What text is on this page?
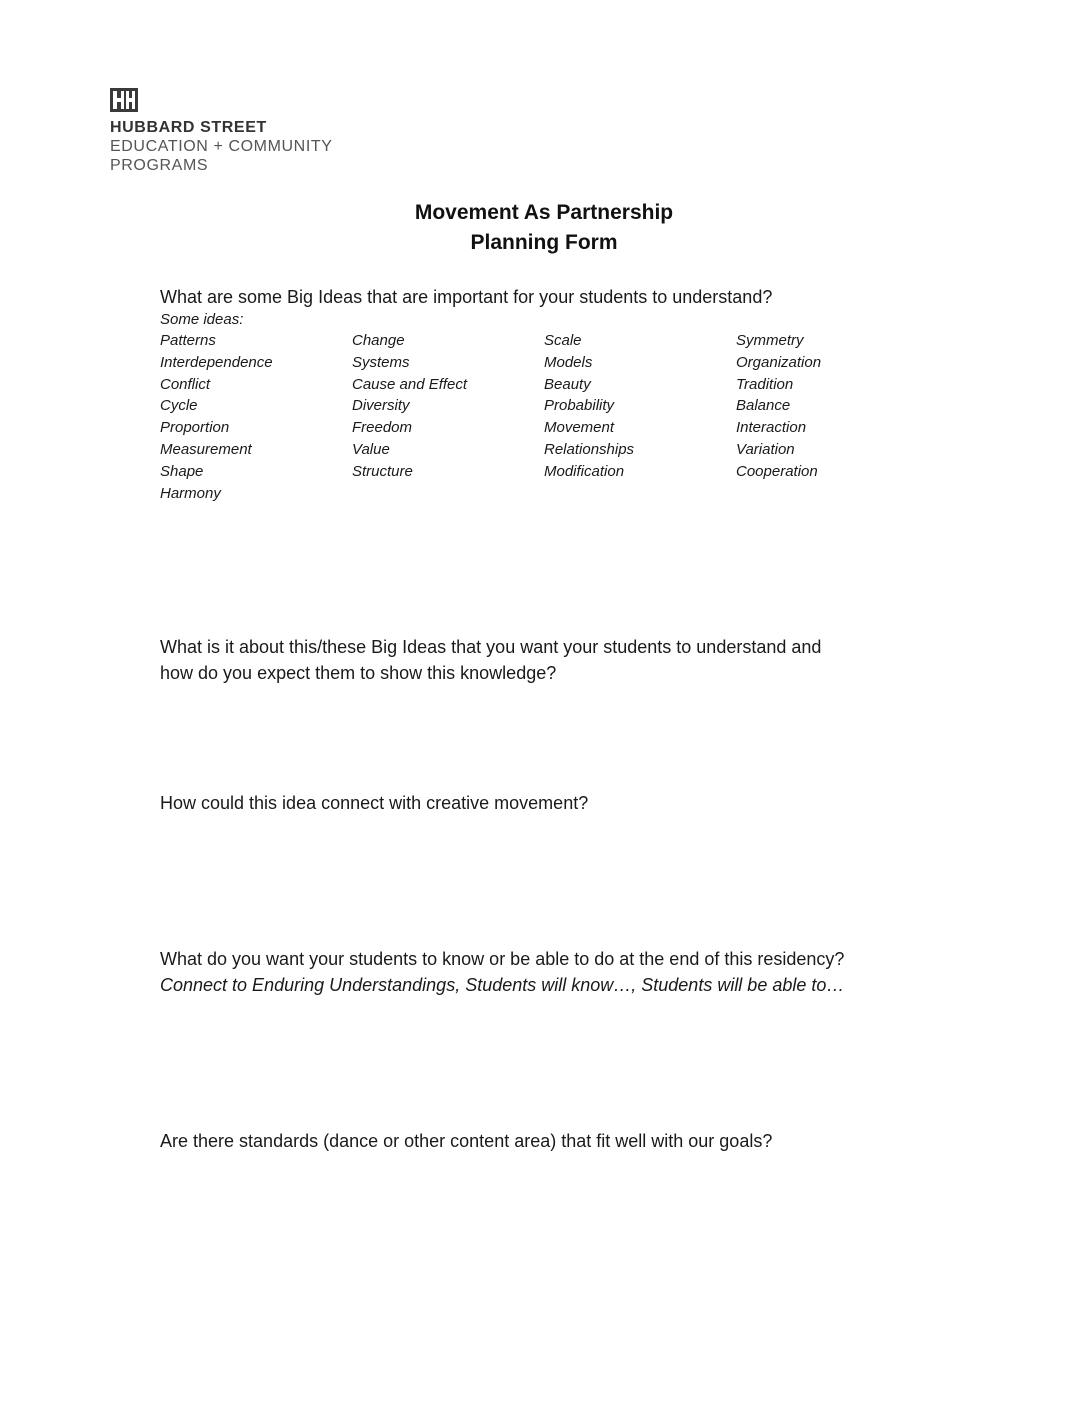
HUBBARD STREET
EDUCATION + COMMUNITY
PROGRAMS
Movement As Partnership
Planning Form
What are some Big Ideas that are important for your students to understand?
Some ideas:
Patterns
Interdependence
Conflict
Cycle
Proportion
Measurement
Shape
Harmony
Change
Systems
Cause and Effect
Diversity
Freedom
Value
Structure
Scale
Models
Beauty
Probability
Movement
Relationships
Modification
Symmetry
Organization
Tradition
Balance
Interaction
Variation
Cooperation
What is it about this/these Big Ideas that you want your students to understand and
how do you expect them to show this knowledge?
How could this idea connect with creative movement?
What do you want your students to know or be able to do at the end of this residency?
Connect to Enduring Understandings, Students will know…, Students will be able to…
Are there standards (dance or other content area) that fit well with our goals?
